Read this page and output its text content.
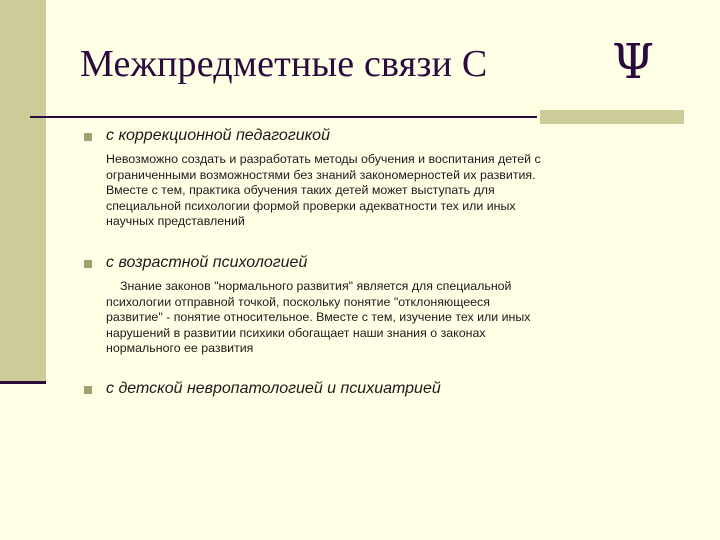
Межпредметные связи С	Ψ
с коррекционной педагогикой
Невозможно создать и разработать методы обучения и воспитания детей с
ограниченными возможностями без знаний закономерностей их развития.
Вместе с тем, практика обучения таких детей может выступать для
специальной психологии формой проверки адекватности тех или иных
научных представлений
с возрастной психологией
Знание законов "нормального развития" является для специальной
психологии отправной точкой, поскольку понятие "отклоняющееся
развитие" - понятие относительное. Вместе с тем, изучение тех или иных
нарушений в развитии психики обогащает наши знания о законах
нормального ее развития
с детской невропатологией и психиатрией
